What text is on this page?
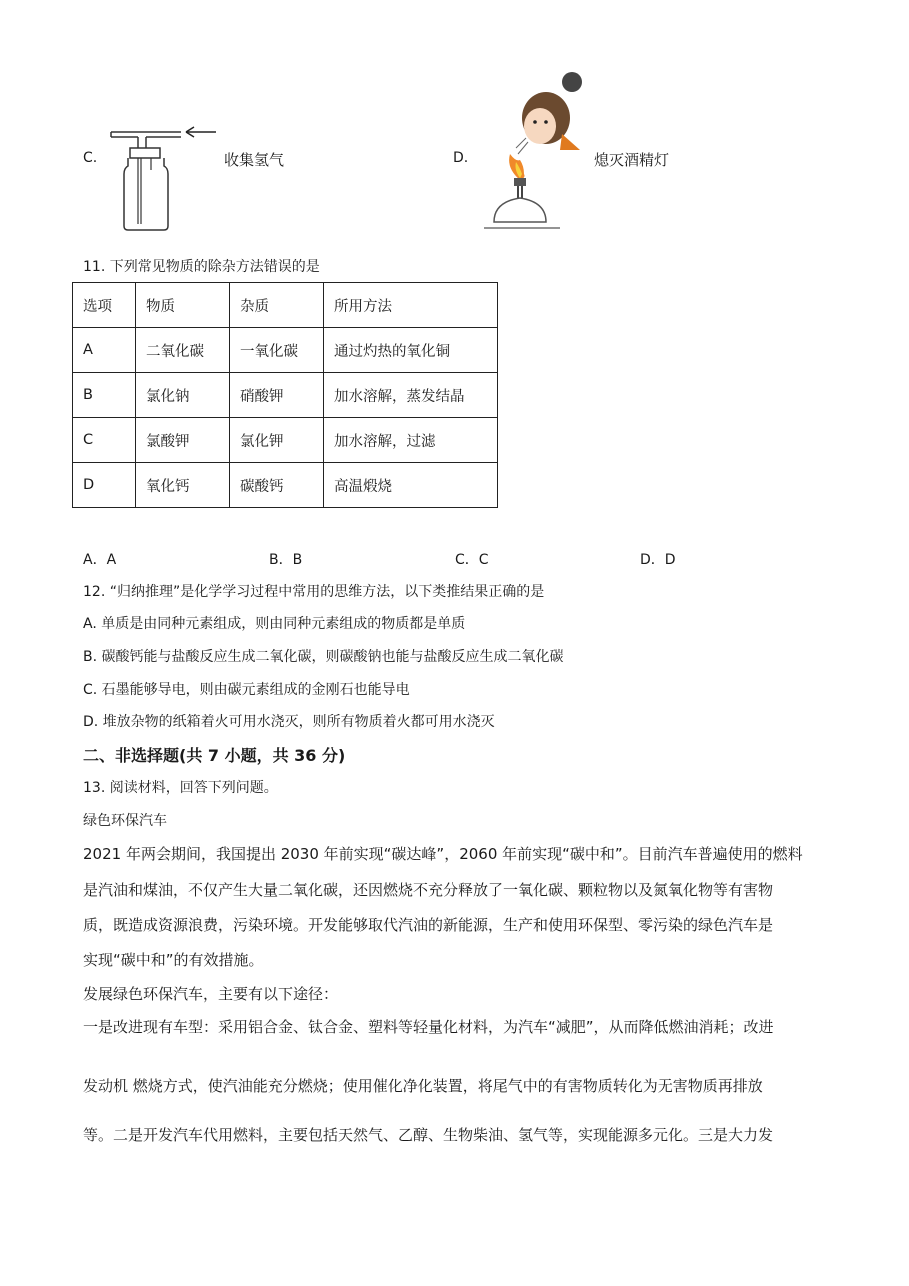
C.	收集氢气	D.	熄灭酒精灯
11. 下列常见物质的除杂方法错误的是
选项	物质	杂质	所用方法
A	二氧化碳	一氧化碳	通过灼热的氧化铜
B	氯化钠	硝酸钾	加水溶解，蒸发结晶
C	氯酸钾	氯化钾	加水溶解，过滤
D	氧化钙	碳酸钙	高温煅烧
A．A	B．B	C．C	D．D
12. “归纳推理”是化学学习过程中常用的思维方法，以下类推结果正确的是
A. 单质是由同种元素组成，则由同种元素组成的物质都是单质
B. 碳酸钙能与盐酸反应生成二氧化碳，则碳酸钠也能与盐酸反应生成二氧化碳
C. 石墨能够导电，则由碳元素组成的金刚石也能导电
D. 堆放杂物的纸箱着火可用水浇灭，则所有物质着火都可用水浇灭
二、非选择题(共 7 小题，共 36 分)
13. 阅读材料，回答下列问题。
绿色环保汽车
2021 年两会期间，我国提出 2030 年前实现“碳达峰”，2060 年前实现“碳中和”。目前汽车普遍使用的燃料
是汽油和煤油，不仅产生大量二氧化碳，还因燃烧不充分释放了一氧化碳、颗粒物以及氮氧化物等有害物
质，既造成资源浪费，污染环境。开发能够取代汽油的新能源，生产和使用环保型、零污染的绿色汽车是
实现“碳中和”的有效措施。
发展绿色环保汽车，主要有以下途径：
一是改进现有车型：采用铝合金、钛合金、塑料等轻量化材料，为汽车“减肥”，从而降低燃油消耗；改进
发动机 燃烧方式，使汽油能充分燃烧；使用催化净化装置，将尾气中的有害物质转化为无害物质再排放
等。二是开发汽车代用燃料，主要包括天然气、乙醇、生物柴油、氢气等，实现能源多元化。三是大力发
